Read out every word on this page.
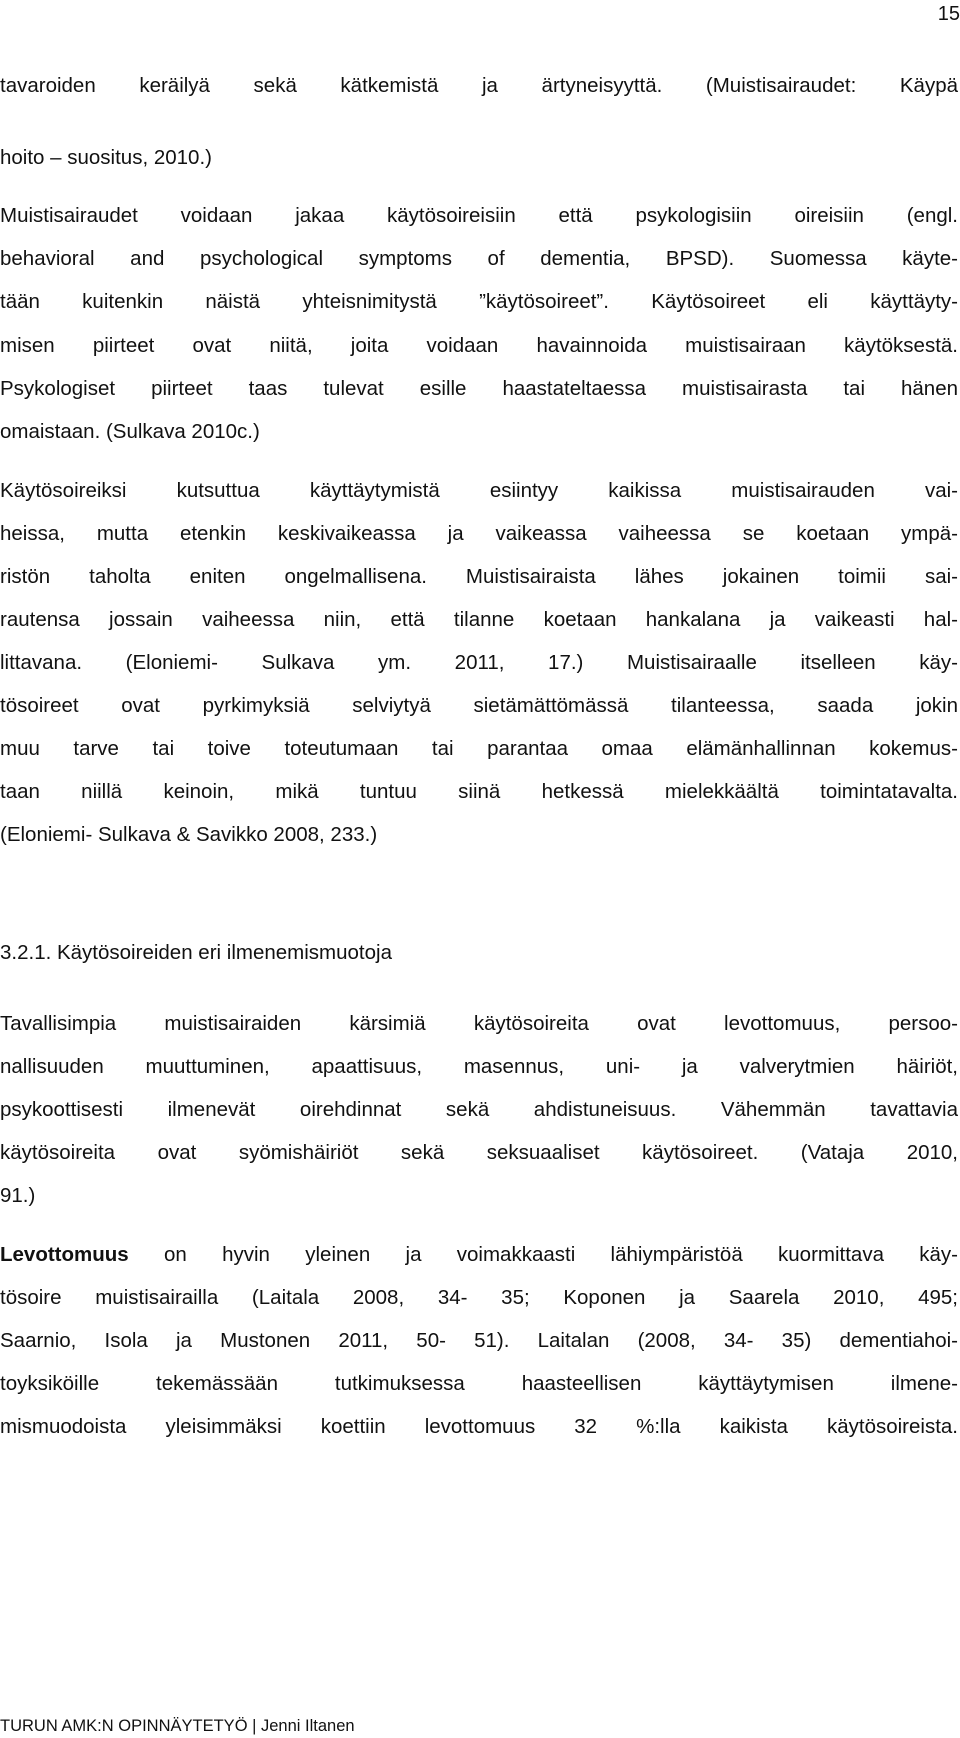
15
tavaroiden keräilyä sekä kätkemistä ja ärtyneisyyttä. (Muistisairaudet: Käypä
hoito – suositus, 2010.)
Muistisairaudet voidaan jakaa käytösoireisiin että psykologisiin oireisiin (engl.
behavioral and psychological symptoms of dementia, BPSD). Suomessa käyte-
tään kuitenkin näistä yhteisnimitystä ”käytösoireet”. Käytösoireet eli käyttäyty-
misen piirteet ovat niitä, joita voidaan havainnoida muistisairaan käytöksestä.
Psykologiset piirteet taas tulevat esille haastateltaessa muistisairasta tai hänen
omaistaan. (Sulkava 2010c.)
Käytösoireiksi kutsuttua käyttäytymistä esiintyy kaikissa muistisairauden vai-
heissa, mutta etenkin keskivaikeassa ja vaikeassa vaiheessa se koetaan ympä-
ristön taholta eniten ongelmallisena. Muistisairaista lähes jokainen toimii sai-
rautensa jossain vaiheessa niin, että tilanne koetaan hankalana ja vaikeasti hal-
littavana. (Eloniemi- Sulkava ym. 2011, 17.) Muistisairaalle itselleen käy-
tösoireet ovat pyrkimyksiä selviytyä sietämättömässä tilanteessa, saada jokin
muu tarve tai toive toteutumaan tai parantaa omaa elämänhallinnan kokemus-
taan niillä keinoin, mikä tuntuu siinä hetkessä mielekkäältä toimintatavalta.
(Eloniemi- Sulkava & Savikko 2008, 233.)
3.2.1. Käytösoireiden eri ilmenemismuotoja
Tavallisimpia muistisairaiden kärsimiä käytösoireita ovat levottomuus, persoo-
nallisuuden muuttuminen, apaattisuus, masennus, uni- ja valverytmien häiriöt,
psykoottisesti ilmenevät oirehdinnat sekä ahdistuneisuus. Vähemmän tavattavia
käytösoireita ovat syömishäiriöt sekä seksuaaliset käytösoireet. (Vataja 2010,
91.)
Levottomuus on hyvin yleinen ja voimakkaasti lähiympäristöä kuormittava käy-
tösoire muistisairailla (Laitala 2008, 34- 35; Koponen ja Saarela 2010, 495;
Saarnio, Isola ja Mustonen 2011, 50- 51). Laitalan (2008, 34- 35) dementiahoi-
toyksiköille tekemässään tutkimuksessa haasteellisen käyttäytymisen ilmene-
mismuodoista yleisimmäksi koettiin levottomuus 32 %:lla kaikista käytösoireista.
TURUN AMK:N OPINNÄYTETYÖ | Jenni Iltanen
